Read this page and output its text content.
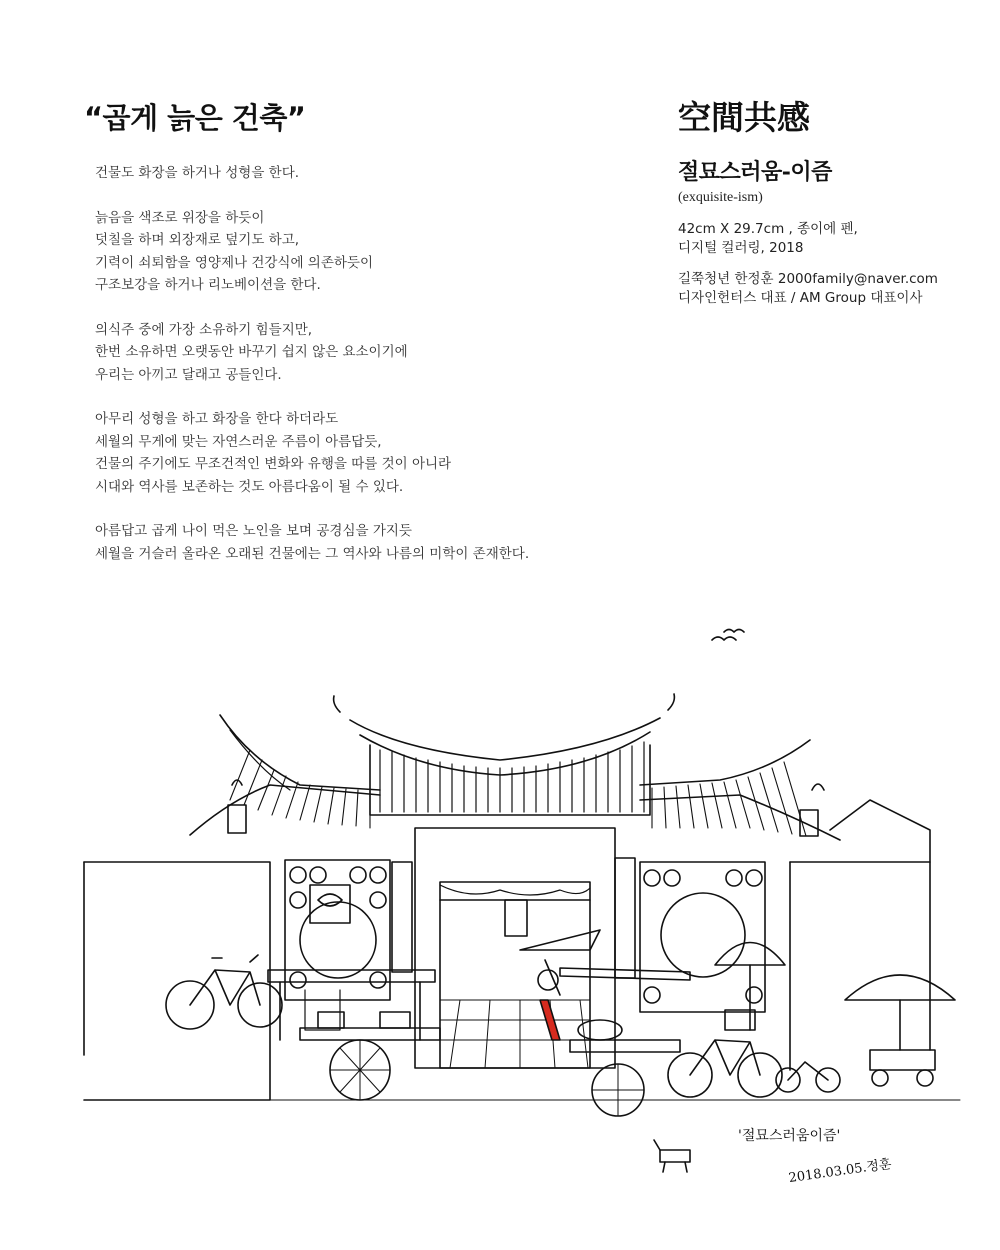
“곱게 늙은 건축”

건물도 화장을 하거나 성형을 한다.

늙음을 색조로 위장을 하듯이
덧칠을 하며 외장재로 덮기도 하고,
기력이 쇠퇴함을 영양제나 건강식에 의존하듯이
구조보강을 하거나 리노베이션을 한다.

의식주 중에 가장 소유하기 힘들지만,
한번 소유하면 오랫동안 바꾸기 쉽지 않은 요소이기에
우리는 아끼고 달래고 공들인다.

아무리 성형을 하고 화장을 한다 하더라도
세월의 무게에 맞는 자연스러운 주름이 아름답듯,
건물의 주기에도 무조건적인 변화와 유행을 따를 것이 아니라
시대와 역사를 보존하는 것도 아름다움이 될 수 있다.

아름답고 곱게 나이 먹은 노인을 보며 공경심을 가지듯
세월을 거슬러 올라온 오래된 건물에는 그 역사와 나름의 미학이 존재한다.

空間共感
절묘스러움-이즘
(exquisite-ism)
42cm X 29.7cm , 종이에 펜,
디지털 컬러링, 2018
길쭉청년 한정훈 2000family@naver.com
디자인헌터스 대표 / AM Group 대표이사
'절묘스러움이즘'
2018.03.05.정훈
